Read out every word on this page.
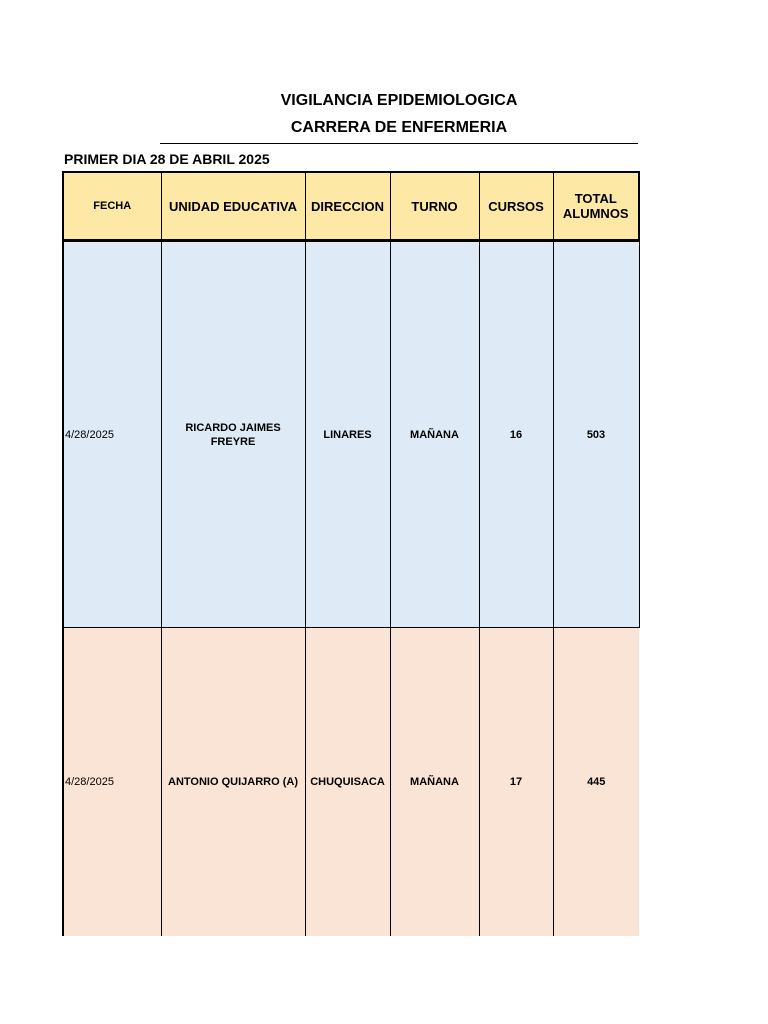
VIGILANCIA EPIDEMIOLOGICA
CARRERA DE ENFERMERIA
PRIMER DIA 28 DE ABRIL 2025
FECHA	UNIDAD EDUCATIVA	DIRECCION	TURNO	CURSOS	TOTAL ALUMNOS
4/28/2025	RICARDO JAIMES FREYRE	LINARES	MAÑANA	16	503
4/28/2025	ANTONIO QUIJARRO (A)	CHUQUISACA	MAÑANA	17	445
